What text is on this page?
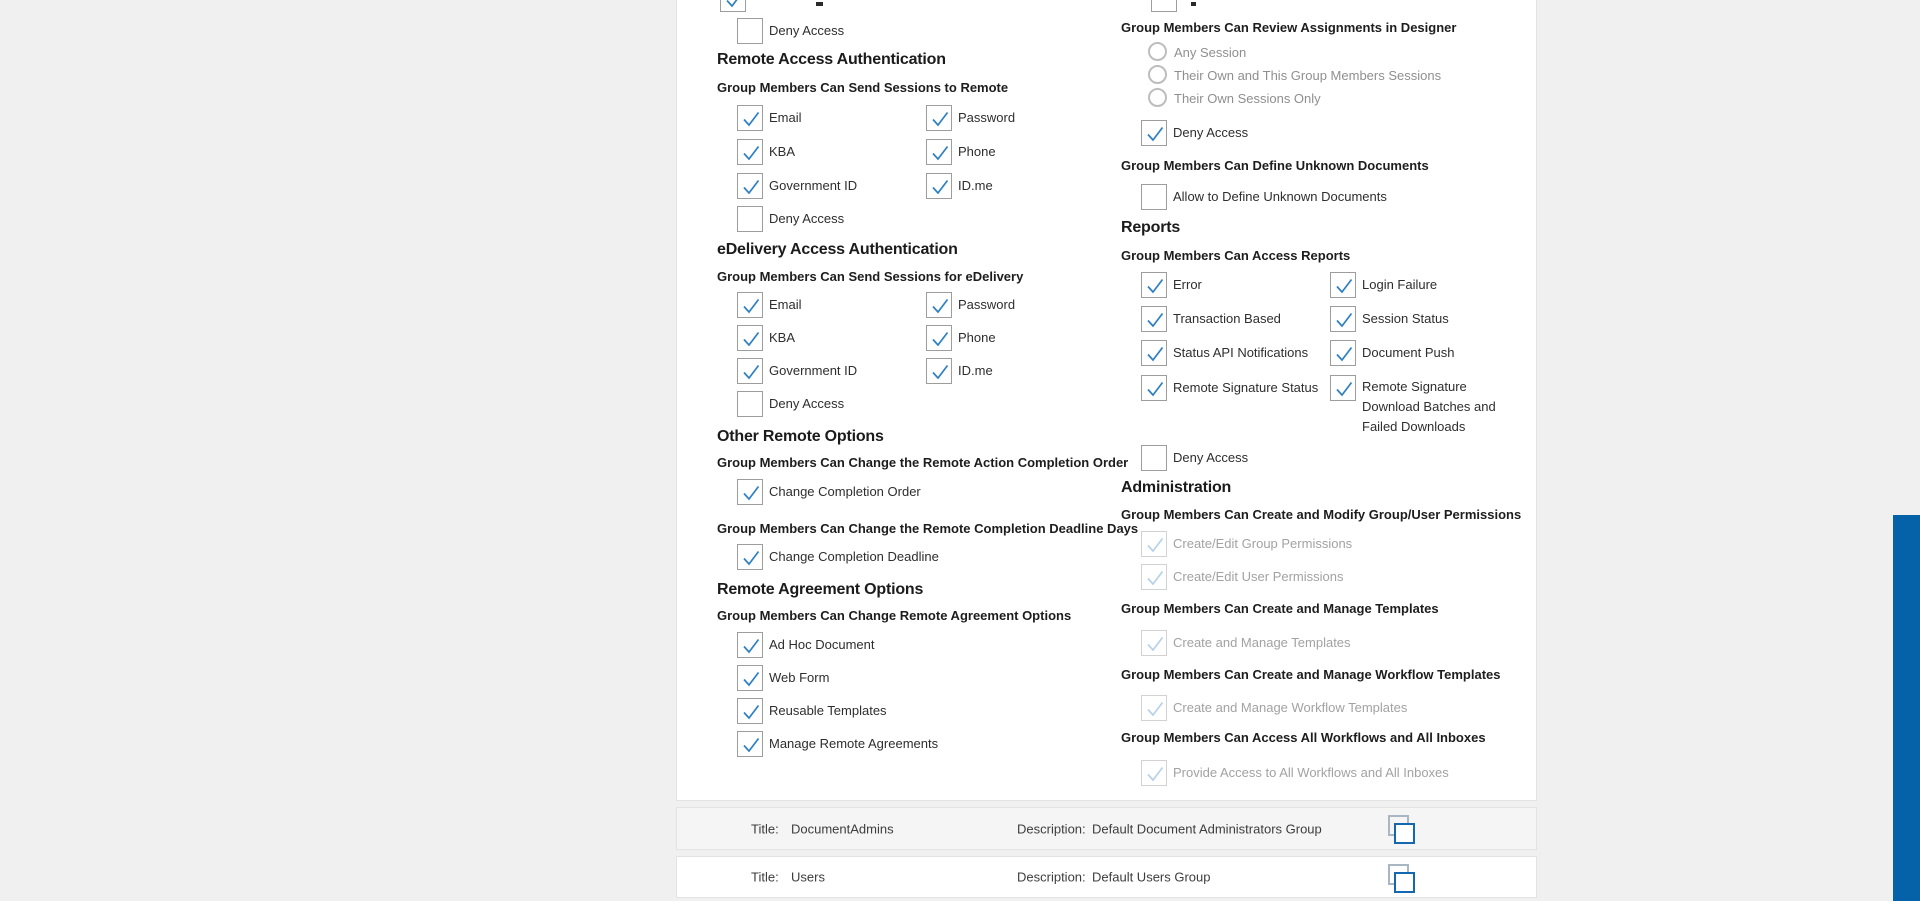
Deny Access
Remote Access Authentication
Group Members Can Send Sessions to Remote
Email	Password
KBA	Phone
Government ID	ID.me
Deny Access
eDelivery Access Authentication
Group Members Can Send Sessions for eDelivery
Email	Password
KBA	Phone
Government ID	ID.me
Deny Access
Other Remote Options
Group Members Can Change the Remote Action Completion Order
Change Completion Order
Group Members Can Change the Remote Completion Deadline Days
Change Completion Deadline
Remote Agreement Options
Group Members Can Change Remote Agreement Options
Ad Hoc Document
Web Form
Reusable Templates
Manage Remote Agreements
Group Members Can Review Assignments in Designer
Any Session
Their Own and This Group Members Sessions
Their Own Sessions Only
Deny Access
Group Members Can Define Unknown Documents
Allow to Define Unknown Documents
Reports
Group Members Can Access Reports
Error	Login Failure
Transaction Based	Session Status
Status API Notifications	Document Push
Remote Signature Status	Remote Signature Download Batches and Failed Downloads
Deny Access
Administration
Group Members Can Create and Modify Group/User Permissions
Create/Edit Group Permissions
Create/Edit User Permissions
Group Members Can Create and Manage Templates
Create and Manage Templates
Group Members Can Create and Manage Workflow Templates
Create and Manage Workflow Templates
Group Members Can Access All Workflows and All Inboxes
Provide Access to All Workflows and All Inboxes
Title: DocumentAdmins	Description: Default Document Administrators Group
Title: Users	Description: Default Users Group
